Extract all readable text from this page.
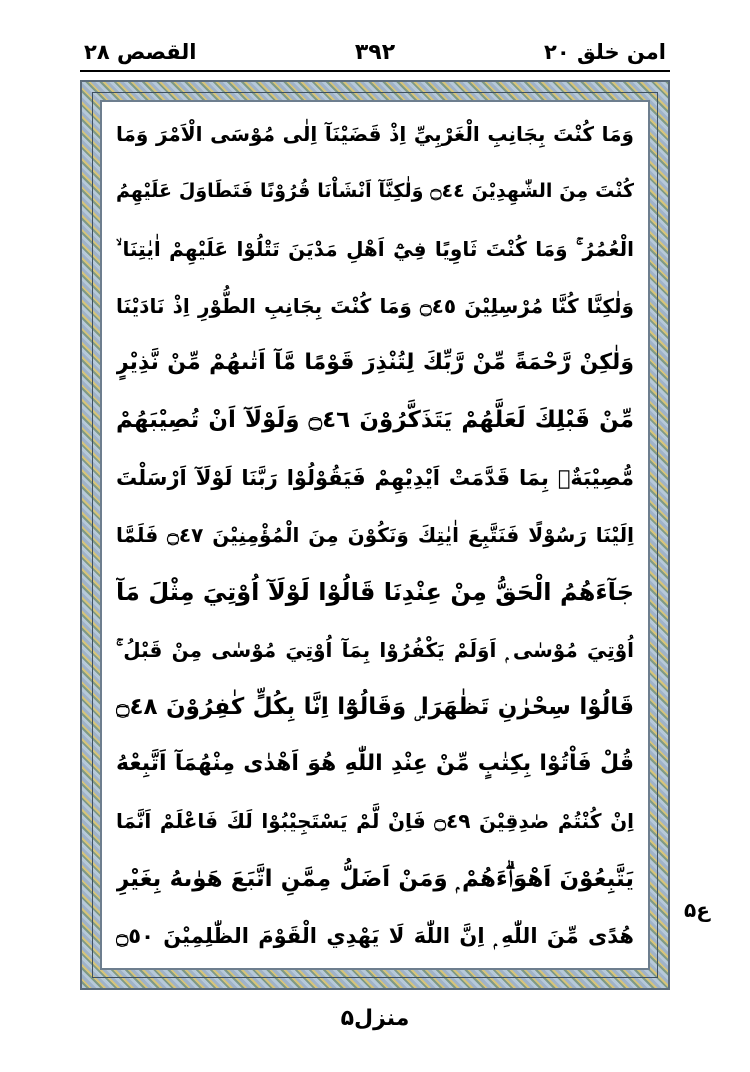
امن خلق ۲۰
۳۹۲
القصص ۲۸
وَمَا كُنْتَ بِجَانِبِ الْغَرْبِيِّ اِذْ قَضَيْنَآ اِلٰى مُوْسَى الْاَمْرَ وَمَا
كُنْتَ مِنَ الشّٰهِدِيْنَ ۝٤٤ وَلٰكِنَّآ اَنْشَاْنَا قُرُوْنًا فَتَطَاوَلَ عَلَيْهِمُ
الْعُمُرُ ۚ وَمَا كُنْتَ ثَاوِيًا فِيْٓ اَهْلِ مَدْيَنَ تَتْلُوْا عَلَيْهِمْ اٰيٰتِنَا ۙ
وَلٰكِنَّا كُنَّا مُرْسِلِيْنَ ۝٤٥ وَمَا كُنْتَ بِجَانِبِ الطُّوْرِ اِذْ نَادَيْنَا
وَلٰكِنْ رَّحْمَةً مِّنْ رَّبِّكَ لِتُنْذِرَ قَوْمًا مَّآ اَتٰىهُمْ مِّنْ نَّذِيْرٍ
مِّنْ قَبْلِكَ لَعَلَّهُمْ يَتَذَكَّرُوْنَ ۝٤٦ وَلَوْلَآ اَنْ تُصِيْبَهُمْ
مُّصِيْبَةٌۢ بِمَا قَدَّمَتْ اَيْدِيْهِمْ فَيَقُوْلُوْا رَبَّنَا لَوْلَآ اَرْسَلْتَ
اِلَيْنَا رَسُوْلًا فَنَتَّبِعَ اٰيٰتِكَ وَنَكُوْنَ مِنَ الْمُؤْمِنِيْنَ ۝٤٧ فَلَمَّا
جَآءَهُمُ الْحَقُّ مِنْ عِنْدِنَا قَالُوْا لَوْلَآ اُوْتِيَ مِثْلَ مَآ
اُوْتِيَ مُوْسٰى ۭ اَوَلَمْ يَكْفُرُوْا بِمَآ اُوْتِيَ مُوْسٰى مِنْ قَبْلُ ۚ
قَالُوْا سِحْرٰنِ تَظٰهَرَا ۣ وَقَالُوْٓا اِنَّا بِكُلٍّ كٰفِرُوْنَ ۝٤٨
قُلْ فَاْتُوْا بِكِتٰبٍ مِّنْ عِنْدِ اللّٰهِ هُوَ اَهْدٰى مِنْهُمَآ اَتَّبِعْهُ
اِنْ كُنْتُمْ صٰدِقِيْنَ ۝٤٩ فَاِنْ لَّمْ يَسْتَجِيْبُوْا لَكَ فَاعْلَمْ اَنَّمَا
يَتَّبِعُوْنَ اَهْوَاۗءَهُمْ ۭ وَمَنْ اَضَلُّ مِمَّنِ اتَّبَعَ هَوٰىهُ بِغَيْرِ
هُدًى مِّنَ اللّٰهِ ۭ اِنَّ اللّٰهَ لَا يَهْدِي الْقَوْمَ الظّٰلِمِيْنَ ۝٥٠
ع۵
منزل۵
